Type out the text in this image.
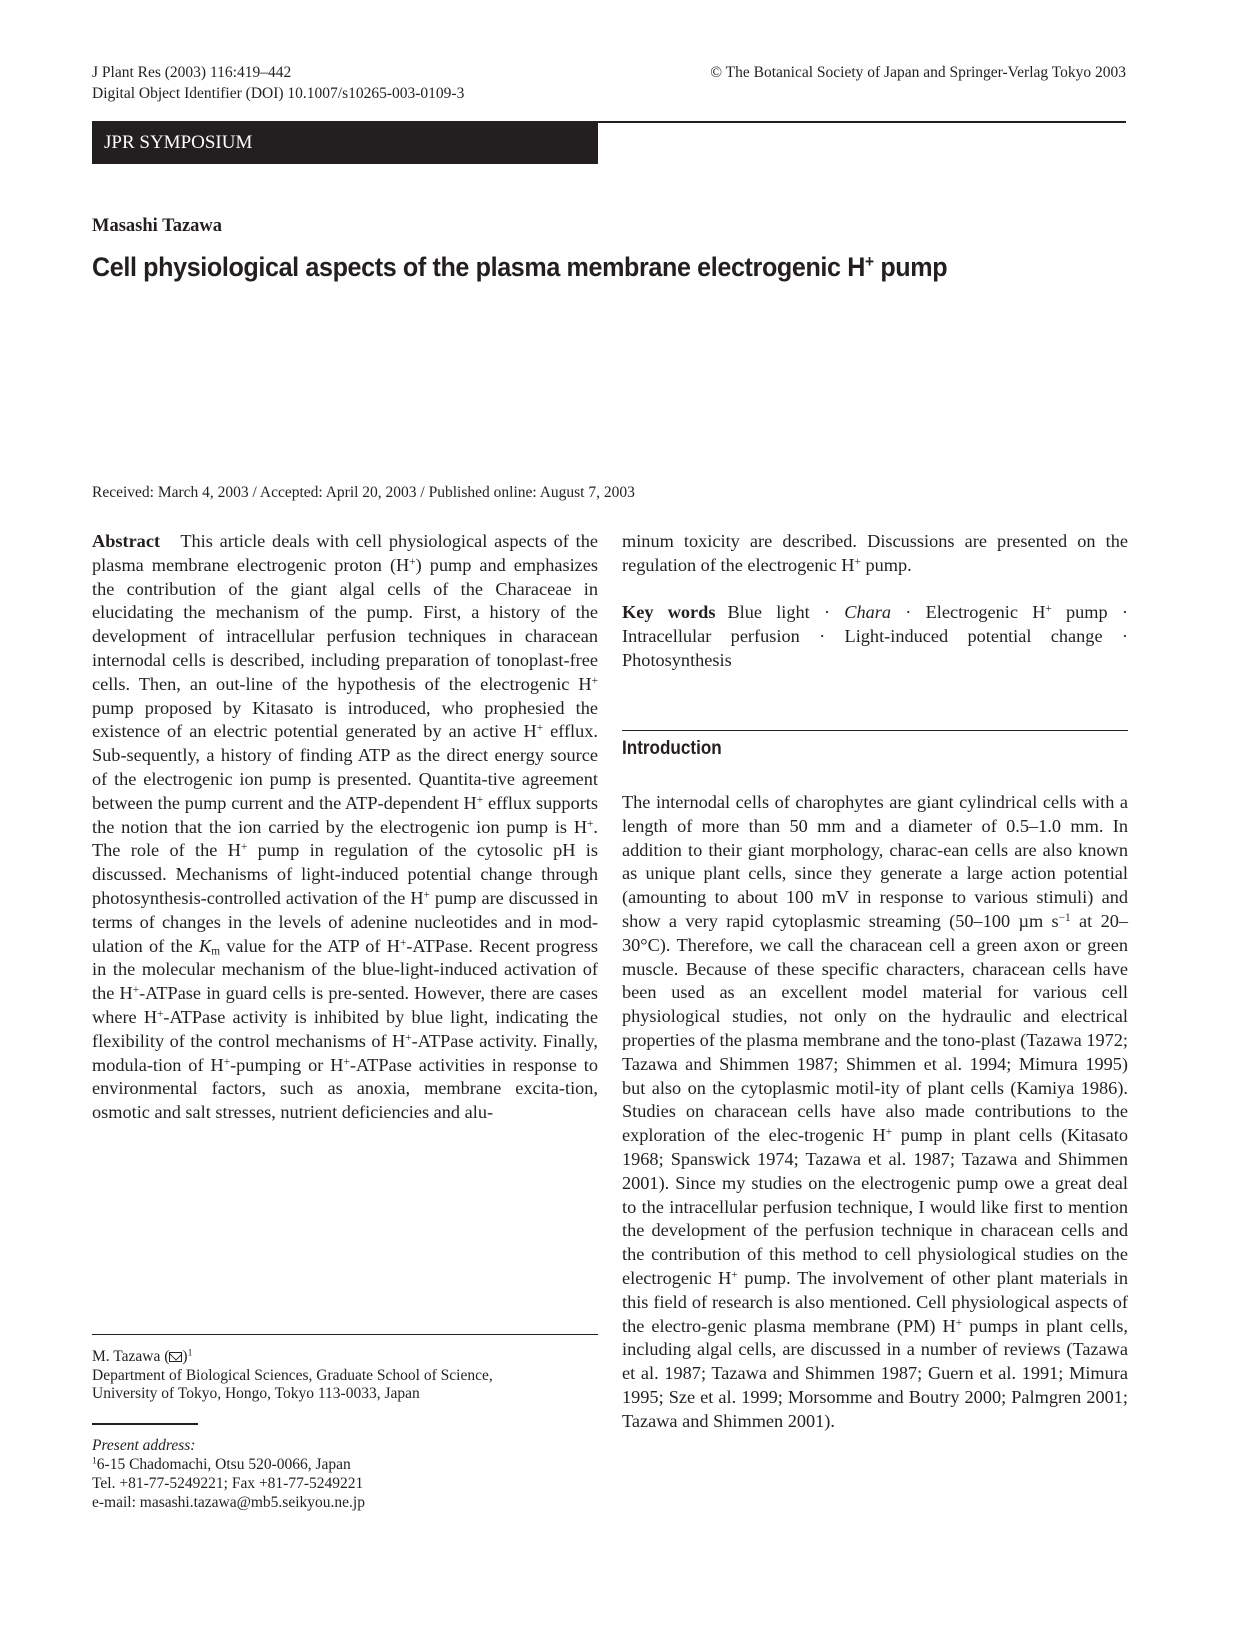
J Plant Res (2003) 116:419–442
Digital Object Identifier (DOI) 10.1007/s10265-003-0109-3
© The Botanical Society of Japan and Springer-Verlag Tokyo 2003
JPR SYMPOSIUM
Masashi Tazawa
Cell physiological aspects of the plasma membrane electrogenic H+ pump
Received: March 4, 2003 / Accepted: April 20, 2003 / Published online: August 7, 2003
Abstract This article deals with cell physiological aspects of the plasma membrane electrogenic proton (H+) pump and emphasizes the contribution of the giant algal cells of the Characeae in elucidating the mechanism of the pump. First, a history of the development of intracellular perfusion techniques in characean internodal cells is described, including preparation of tonoplast-free cells. Then, an out-line of the hypothesis of the electrogenic H+ pump proposed by Kitasato is introduced, who prophesied the existence of an electric potential generated by an active H+ efflux. Sub-sequently, a history of finding ATP as the direct energy source of the electrogenic ion pump is presented. Quantita-tive agreement between the pump current and the ATP-dependent H+ efflux supports the notion that the ion carried by the electrogenic ion pump is H+. The role of the H+ pump in regulation of the cytosolic pH is discussed. Mechanisms of light-induced potential change through photosynthesis-controlled activation of the H+ pump are discussed in terms of changes in the levels of adenine nucleotides and in mod-ulation of the $K_m$ value for the ATP of H+-ATPase. Recent progress in the molecular mechanism of the blue-light-induced activation of the H+-ATPase in guard cells is pre-sented. However, there are cases where H+-ATPase activity is inhibited by blue light, indicating the flexibility of the control mechanisms of H+-ATPase activity. Finally, modula-tion of H+-pumping or H+-ATPase activities in response to environmental factors, such as anoxia, membrane excita-tion, osmotic and salt stresses, nutrient deficiencies and alu-
minum toxicity are described. Discussions are presented on the regulation of the electrogenic H+ pump.
Key words Blue light · Chara · Electrogenic H+ pump · Intracellular perfusion · Light-induced potential change · Photosynthesis
Introduction
The internodal cells of charophytes are giant cylindrical cells with a length of more than 50 mm and a diameter of 0.5–1.0 mm. In addition to their giant morphology, charac-ean cells are also known as unique plant cells, since they generate a large action potential (amounting to about 100 mV in response to various stimuli) and show a very rapid cytoplasmic streaming (50–100 µm $s^{-1}$ at 20–30°C). Therefore, we call the characean cell a green axon or green muscle. Because of these specific characters, characean cells have been used as an excellent model material for various cell physiological studies, not only on the hydraulic and electrical properties of the plasma membrane and the tono-plast (Tazawa 1972; Tazawa and Shimmen 1987; Shimmen et al. 1994; Mimura 1995) but also on the cytoplasmic motil-ity of plant cells (Kamiya 1986). Studies on characean cells have also made contributions to the exploration of the elec-trogenic H+ pump in plant cells (Kitasato 1968; Spanswick 1974; Tazawa et al. 1987; Tazawa and Shimmen 2001). Since my studies on the electrogenic pump owe a great deal to the intracellular perfusion technique, I would like first to mention the development of the perfusion technique in characean cells and the contribution of this method to cell physiological studies on the electrogenic H+ pump. The involvement of other plant materials in this field of research is also mentioned. Cell physiological aspects of the electro-genic plasma membrane (PM) H+ pumps in plant cells, including algal cells, are discussed in a number of reviews (Tazawa et al. 1987; Tazawa and Shimmen 1987; Guern et al. 1991; Mimura 1995; Sze et al. 1999; Morsomme and Boutry 2000; Palmgren 2001; Tazawa and Shimmen 2001).
M. Tazawa ( )$^1$
Department of Biological Sciences, Graduate School of Science,
University of Tokyo, Hongo, Tokyo 113-0033, Japan
Present address:
$^1$6-15 Chadomachi, Otsu 520-0066, Japan
Tel. +81-77-5249221; Fax +81-77-5249221
e-mail: masashi.tazawa@mb5.seikyou.ne.jp
